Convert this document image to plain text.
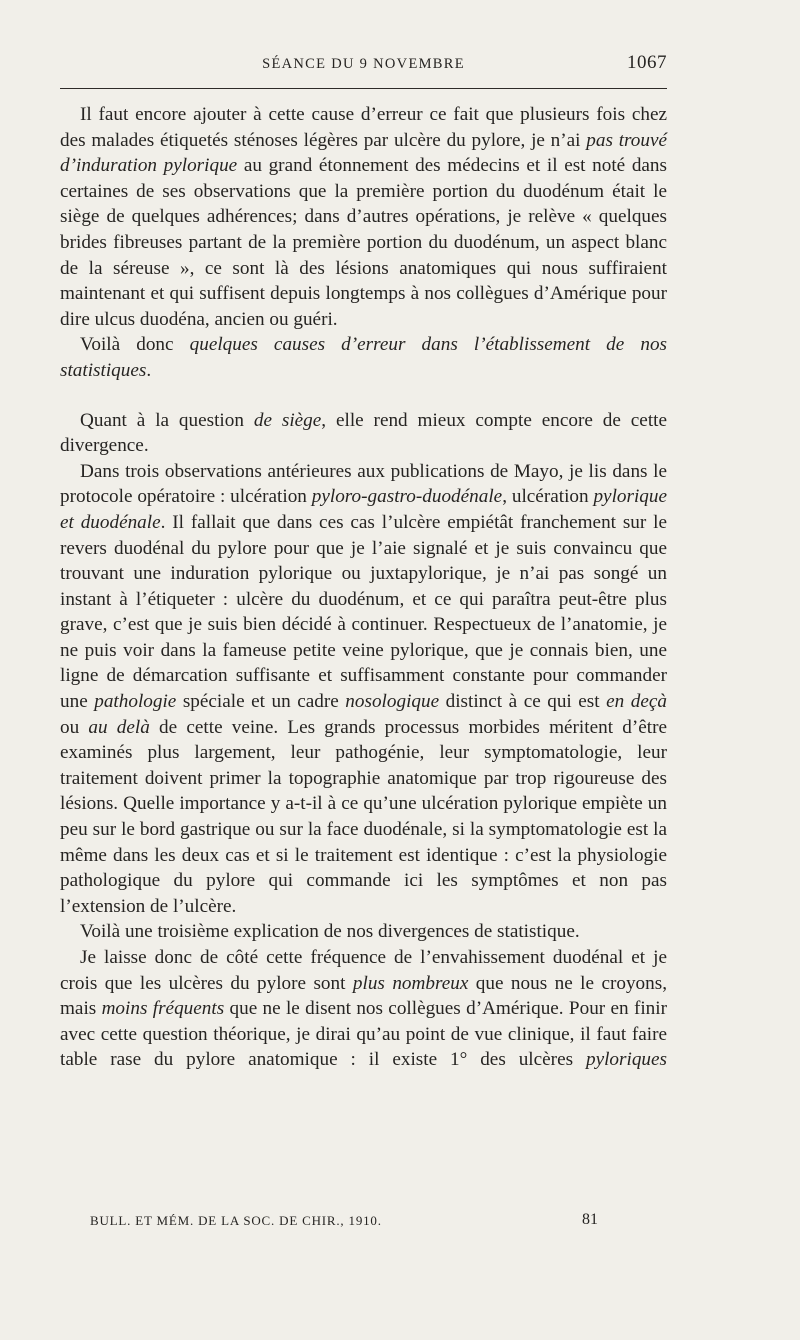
SÉANCE DU 9 NOVEMBRE	1067

Il faut encore ajouter à cette cause d’erreur ce fait que plusieurs fois chez des malades étiquetés sténoses légères par ulcère du pylore, je n’ai pas trouvé d’induration pylorique au grand étonnement des médecins et il est noté dans certaines de ses observations que la première portion du duodénum était le siège de quelques adhérences; dans d’autres opérations, je relève « quelques brides fibreuses partant de la première portion du duodénum, un aspect blanc de la séreuse », ce sont là des lésions anatomiques qui nous suffiraient maintenant et qui suffisent depuis longtemps à nos collègues d’Amérique pour dire ulcus duodéna, ancien ou guéri.

Voilà donc quelques causes d’erreur dans l’établissement de nos statistiques.

Quant à la question de siège, elle rend mieux compte encore de cette divergence.

Dans trois observations antérieures aux publications de Mayo, je lis dans le protocole opératoire : ulcération pyloro-gastro-duodénale, ulcération pylorique et duodénale. Il fallait que dans ces cas l’ulcère empiétât franchement sur le revers duodénal du pylore pour que je l’aie signalé et je suis convaincu que trouvant une induration pylorique ou juxtapylorique, je n’ai pas songé un instant à l’étiqueter : ulcère du duodénum, et ce qui paraîtra peut-être plus grave, c’est que je suis bien décidé à continuer. Respectueux de l’anatomie, je ne puis voir dans la fameuse petite veine pylorique, que je connais bien, une ligne de démarcation suffisante et suffisamment constante pour commander une pathologie spéciale et un cadre nosologique distinct à ce qui est en deçà ou au delà de cette veine. Les grands processus morbides méritent d’être examinés plus largement, leur pathogénie, leur symptomatologie, leur traitement doivent primer la topographie anatomique par trop rigoureuse des lésions. Quelle importance y a-t-il à ce qu’une ulcération pylorique empiète un peu sur le bord gastrique ou sur la face duodénale, si la symptomatologie est la même dans les deux cas et si le traitement est identique : c’est la physiologie pathologique du pylore qui commande ici les symptômes et non pas l’extension de l’ulcère.

Voilà une troisième explication de nos divergences de statistique.

Je laisse donc de côté cette fréquence de l’envahissement duodénal et je crois que les ulcères du pylore sont plus nombreux que nous ne le croyons, mais moins fréquents que ne le disent nos collègues d’Amérique. Pour en finir avec cette question théorique, je dirai qu’au point de vue clinique, il faut faire table rase du pylore anatomique : il existe 1° des ulcères pyloriques

BULL. ET MÉM. DE LA SOC. DE CHIR., 1910.	81
